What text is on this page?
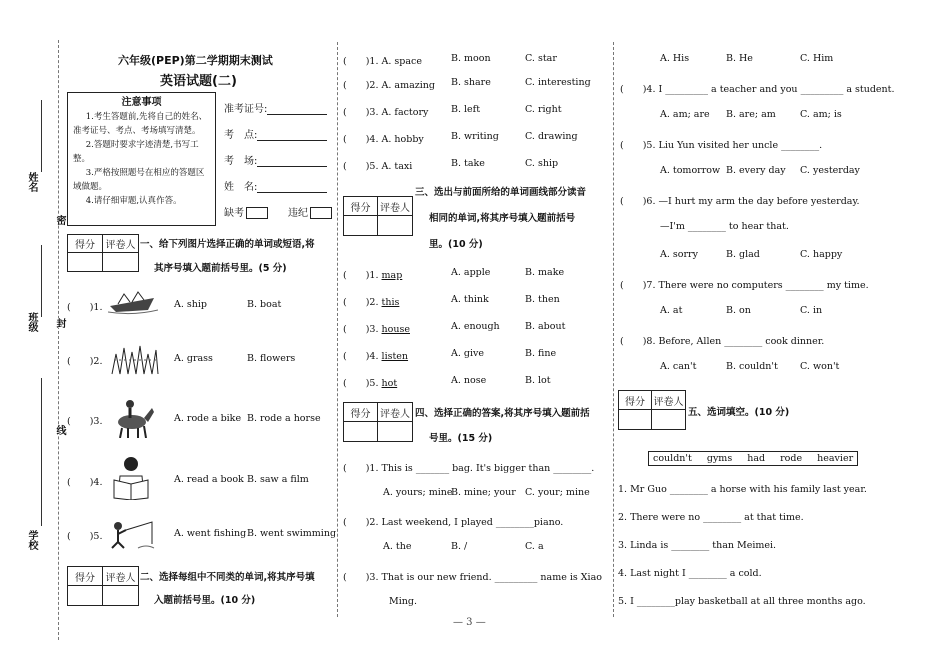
姓名
班级
学校
密
封
线
六年级(PEP)第二学期期末测试
英语试题(二)
注意事项

1.考生答题前,先将自己的姓名、准考证号、考点、考场填写清楚。

2.答题时要求字迹清楚,书写工整。

3.严格按照题号在相应的答题区域做题。

4.请仔细审题,认真作答。

准考证号:
考　点:
考　场:
姓　名:
缺考	违纪
得分	评卷人 一、给下列图片选择正确的单词或短语,将
其序号填入题前括号里。(5 分)
(　　)1.	A. ship	B. boat
(　　)2.	A. grass	B. flowers
(　　)3.	A. rode a bike B. rode a horse
(　　)4.	A. read a book B. saw a film
(　　)5.	A. went fishing B. went swimming
得分	评卷人 二、选择每组中不同类的单词,将其序号填
入题前括号里。(10 分)
(　　)1. A. space	B. moon	C. star
(　　)2. A. amazing B. share	C. interesting
(　　)3. A. factory B. left	C. right
(　　)4. A. hobby	B. writing	C. drawing
(　　)5. A. taxi	B. take	C. ship
得分 评卷人
三、选出与前面所给的单词画线部分读音
相同的单词,将其序号填入题前括号
里。(10 分)
(　　)1. map	A. apple	B. make
(　　)2. this	A. think	B. then
(　　)3. house	A. enough	B. about
(　　)4. listen	A. give	B. fine
(　　)5. hot	A. nose	B. lot
得分 评卷人 四、选择正确的答案,将其序号填入题前括
号里。(15 分)
(　　)1. This is _______ bag. It's bigger than ________.
A. yours; mine
B. mine; your C. your; mine
(　　)2. Last weekend, I played ________piano.
A. the	B. /	C. a
(　　)3. That is our new friend. _________ name is Xiao
Ming.
A. His	B. He	C. Him
(　　)4. I _________ a teacher and you _________ a student.
A. am; are B. are; am	C. am; is
(　　)5. Liu Yun visited her uncle ________.
A. tomorrow B. every day C. yesterday
(　　)6. —I hurt my arm the day before yesterday.
—I'm ________ to hear that.
A. sorry	B. glad	C. happy
(　　)7. There were no computers ________ my time.
A. at	B. on	C. in
(　　)8. Before, Allen ________ cook dinner.
A. can't	B. couldn't C. won't
得分 评卷人
五、选词填空。(10 分)
couldn't gyms had rode heavier
1. Mr Guo ________ a horse with his family last year.
2. There were no ________ at that time.
3. Linda is ________ than Meimei.
4. Last night I ________ a cold.
5. I ________play basketball at all three months ago.
— 3 —
